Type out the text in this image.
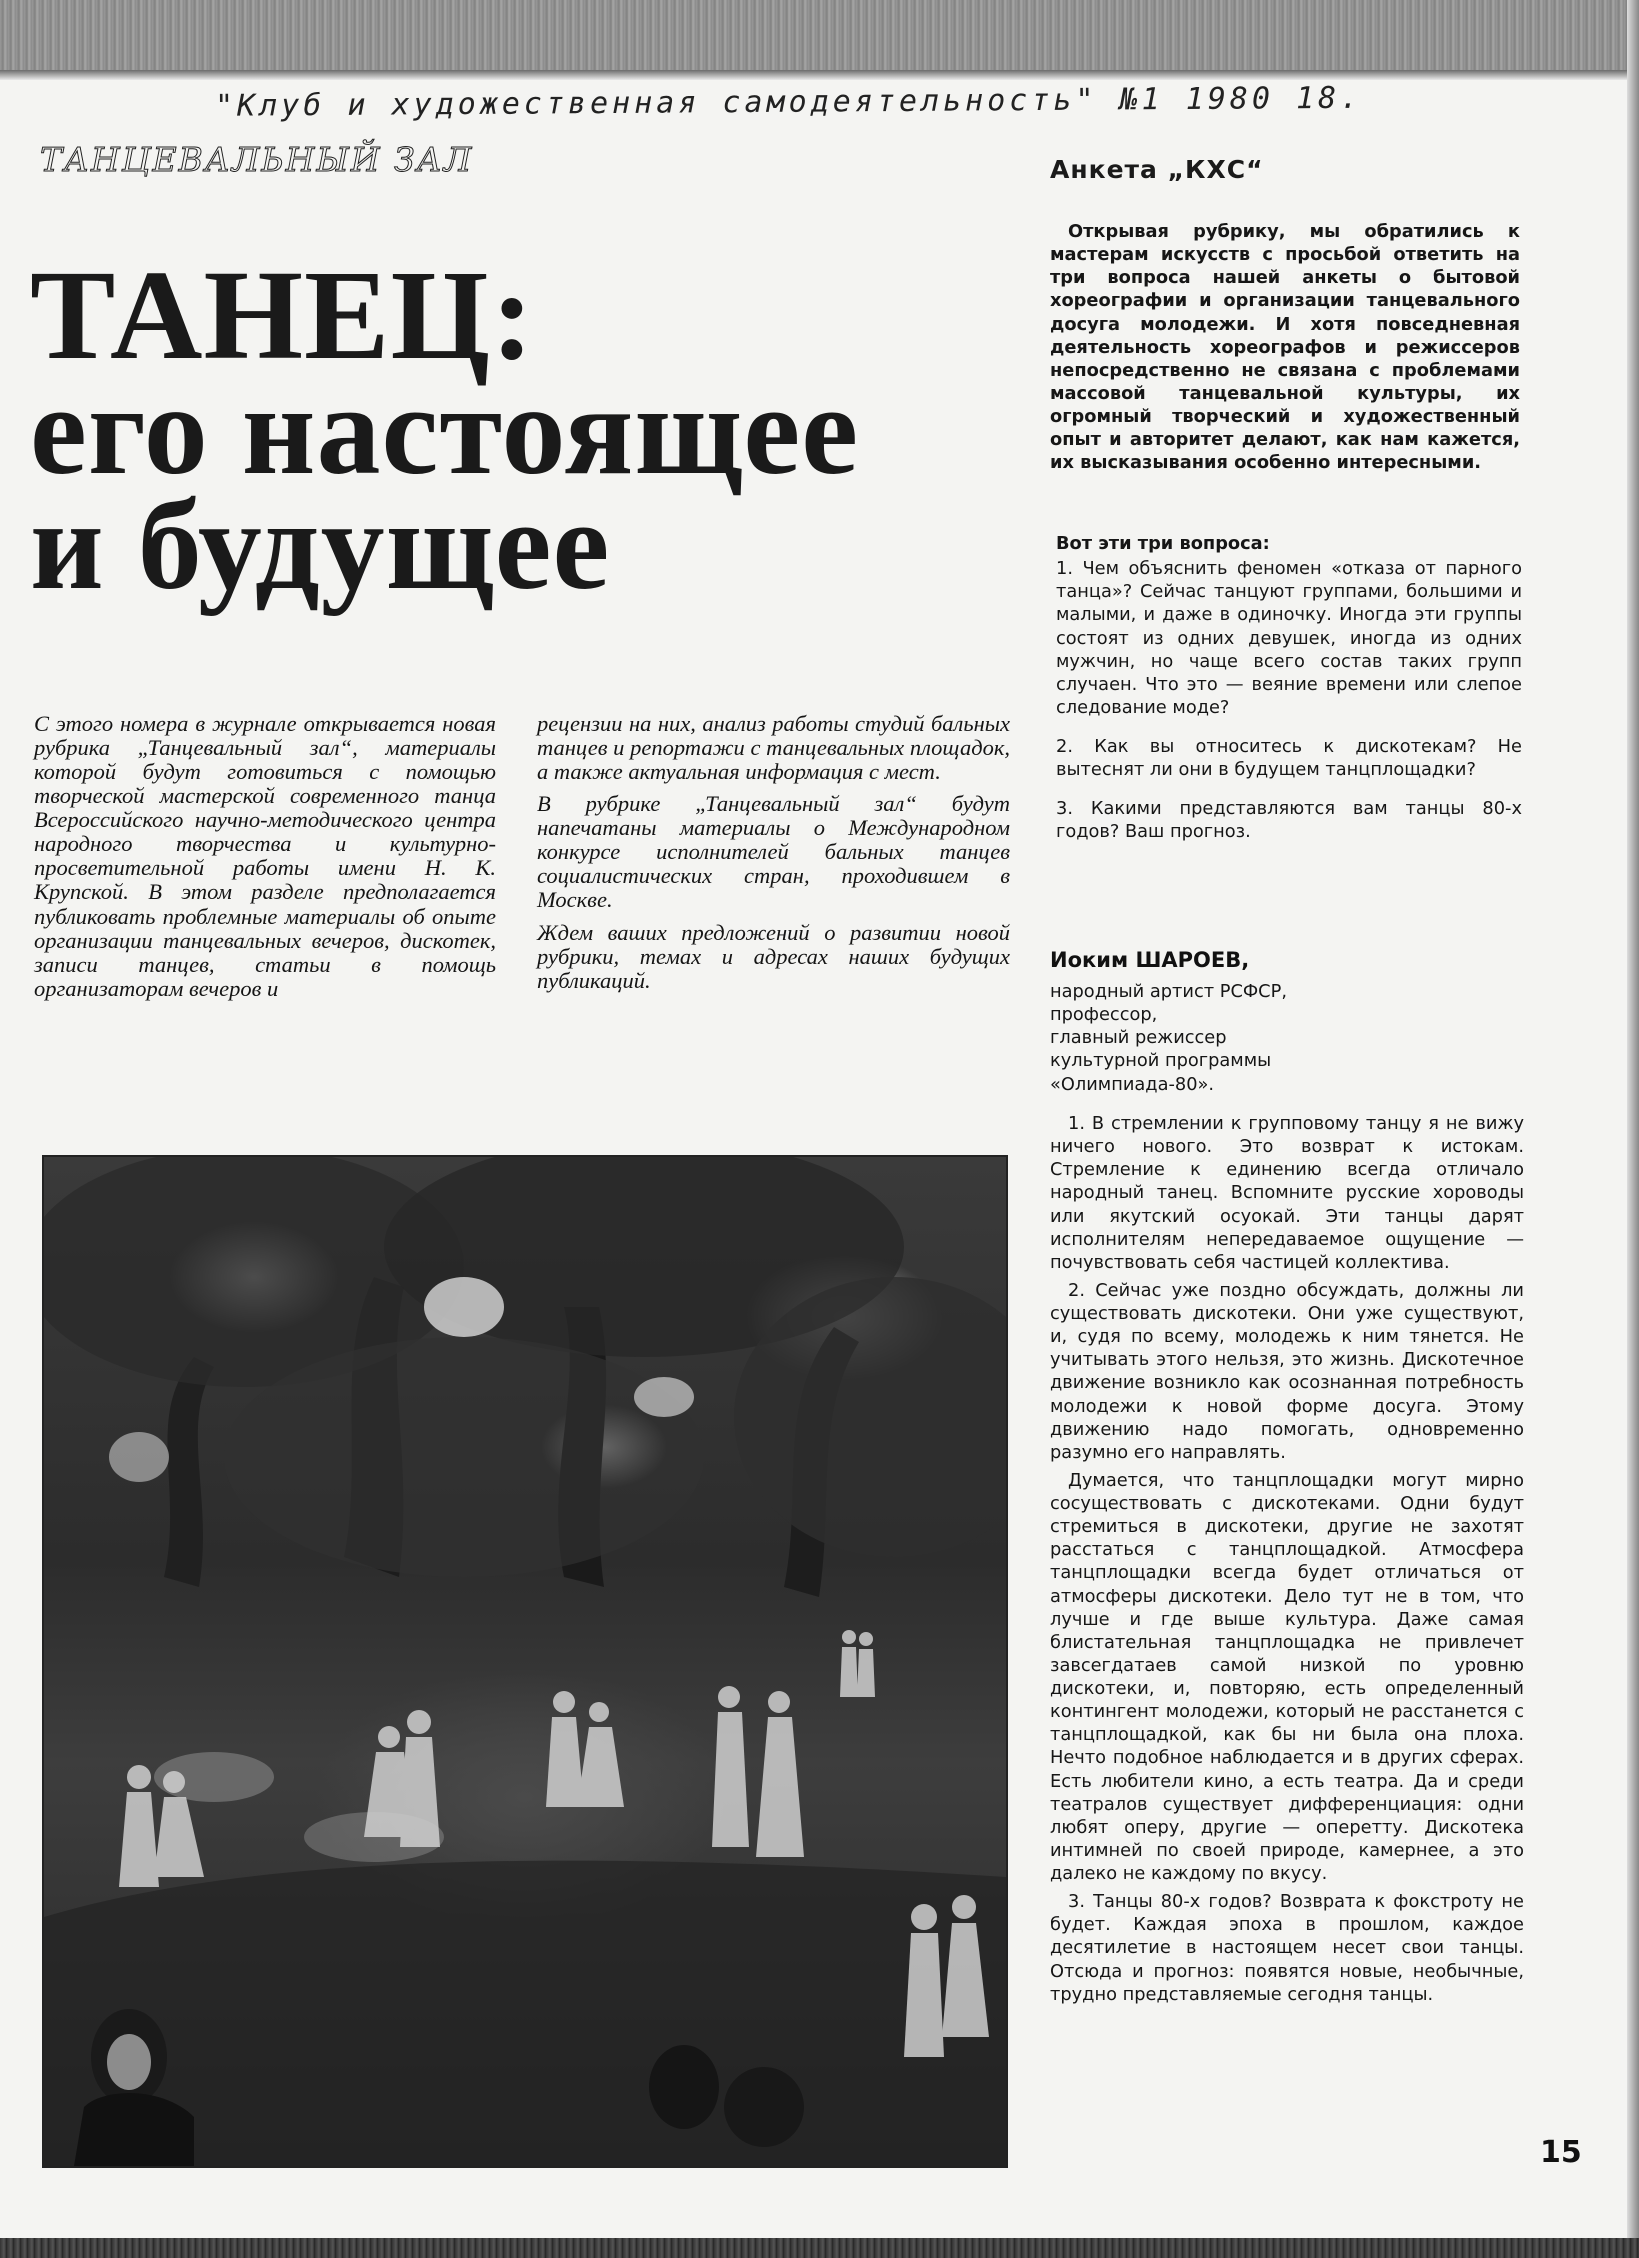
"Клуб и художественная самодеятельность" №1 1980 18.
ТАНЦЕВАЛЬНЫЙ ЗАЛ
ТАНЕЦ:
его настоящее
и будущее

С этого номера в журнале открывается новая рубрика „Танцевальный зал“, материалы которой будут готовиться с помощью творческой мастерской современного танца Всероссийского научно-методического центра народного творчества и культурно-просветительной работы имени Н. К. Крупской. В этом разделе предполагается публиковать проблемные материалы об опыте организации танцевальных вечеров, дискотек, записи танцев, статьи в помощь организаторам вечеров и

рецензии на них, анализ работы студий бальных танцев и репортажи с танцевальных площадок, а также актуальная информация с мест.

В рубрике „Танцевальный зал“ будут напечатаны материалы о Международном конкурсе исполнителей бальных танцев социалистических стран, проходившем в Москве.

Ждем ваших предложений о развитии новой рубрики, темах и адресах наших будущих публикаций.

Анкета „КХС“

Открывая рубрику, мы обратились к мастерам искусств с просьбой ответить на три вопроса нашей анкеты о бытовой хореографии и организации танцевального досуга молодежи. И хотя повседневная деятельность хореографов и режиссеров непосредственно не связана с проблемами массовой танцевальной культуры, их огромный творческий и художественный опыт и авторитет делают, как нам кажется, их высказывания особенно интересными.

Вот эти три вопроса:

1. Чем объяснить феномен «отказа от парного танца»? Сейчас танцуют группами, большими и малыми, и даже в одиночку. Иногда эти группы состоят из одних девушек, иногда из одних мужчин, но чаще всего состав таких групп случаен. Что это — веяние времени или слепое следование моде?

2. Как вы относитесь к дискотекам? Не вытеснят ли они в будущем танцплощадки?

3. Какими представляются вам танцы 80-х годов? Ваш прогноз.

Иоким ШАРОЕВ,
народный артист РСФСР,
профессор,
главный режиссер
культурной программы
«Олимпиада-80».

1. В стремлении к групповому танцу я не вижу ничего нового. Это возврат к истокам. Стремление к единению всегда отличало народный танец. Вспомните русские хороводы или якутский осуокай. Эти танцы дарят исполнителям непередаваемое ощущение — почувствовать себя частицей коллектива.

2. Сейчас уже поздно обсуждать, должны ли существовать дискотеки. Они уже существуют, и, судя по всему, молодежь к ним тянется. Не учитывать этого нельзя, это жизнь. Дискотечное движение возникло как осознанная потребность молодежи к новой форме досуга. Этому движению надо помогать, одновременно разумно его направлять.

Думается, что танцплощадки могут мирно сосуществовать с дискотеками. Одни будут стремиться в дискотеки, другие не захотят расстаться с танцплощадкой. Атмосфера танцплощадки всегда будет отличаться от атмосферы дискотеки. Дело тут не в том, что лучше и где выше культура. Даже самая блистательная танцплощадка не привлечет завсегдатаев самой низкой по уровню дискотеки, и, повторяю, есть определенный контингент молодежи, который не расстанется с танцплощадкой, как бы ни была она плоха. Нечто подобное наблюдается и в других сферах. Есть любители кино, а есть театра. Да и среди театралов существует дифференциация: одни любят оперу, другие — оперетту. Дискотека интимней по своей природе, камернее, а это далеко не каждому по вкусу.

3. Танцы 80-х годов? Возврата к фокстроту не будет. Каждая эпоха в прошлом, каждое десятилетие в настоящем несет свои танцы. Отсюда и прогноз: появятся новые, необычные, трудно представляемые сегодня танцы.

15
